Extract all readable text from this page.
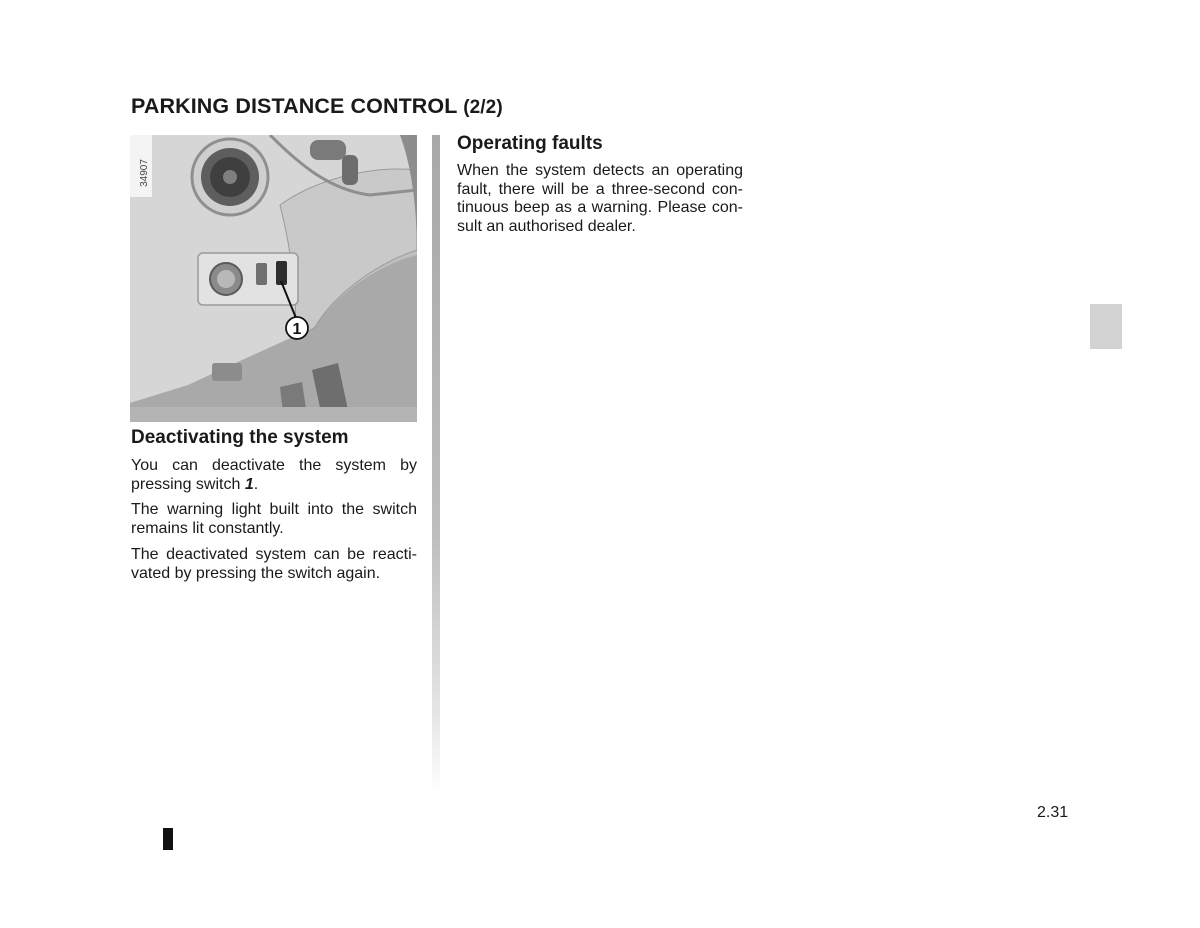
PARKING DISTANCE CONTROL (2/2)
1
34907
Deactivating the system

You can deactivate the system by pressing switch 1.

The warning light built into the switch remains lit constantly.

The deactivated system can be reacti-vated by pressing the switch again.

Operating faults

When the system detects an operating fault, there will be a three-second con-tinuous beep as a warning. Please con-sult an authorised dealer.

2.31
